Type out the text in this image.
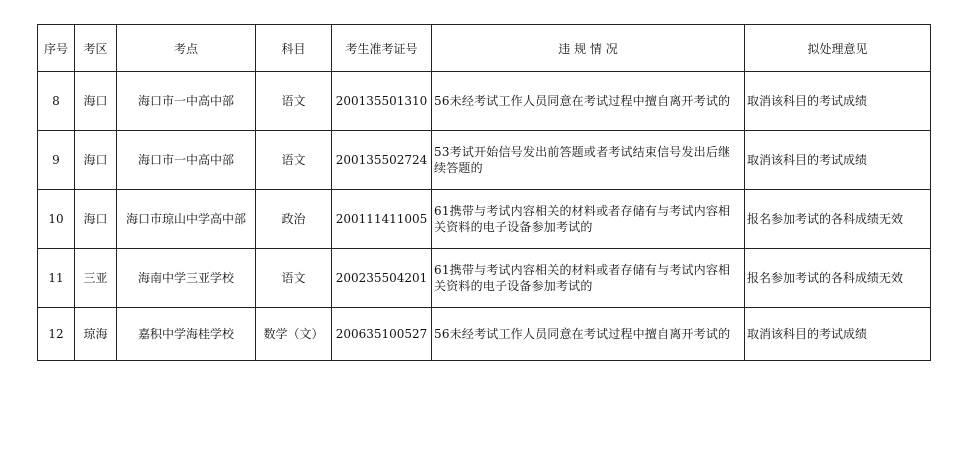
序号	考区	考点	科目	考生准考证号	违 规 情 况	拟处理意见
8	海口	海口市一中高中部	语文	200135501310	56未经考试工作人员同意在考试过程中擅自离开考试的	取消该科目的考试成绩
9	海口	海口市一中高中部	语文	200135502724	53考试开始信号发出前答题或者考试结束信号发出后继续答题的	取消该科目的考试成绩
10	海口	海口市琼山中学高中部	政治	200111411005	61携带与考试内容相关的材料或者存储有与考试内容相关资料的电子设备参加考试的	报名参加考试的各科成绩无效
11	三亚	海南中学三亚学校	语文	200235504201	61携带与考试内容相关的材料或者存储有与考试内容相关资料的电子设备参加考试的	报名参加考试的各科成绩无效
12	琼海	嘉积中学海桂学校	数学（文）	200635100527	56未经考试工作人员同意在考试过程中擅自离开考试的	取消该科目的考试成绩
